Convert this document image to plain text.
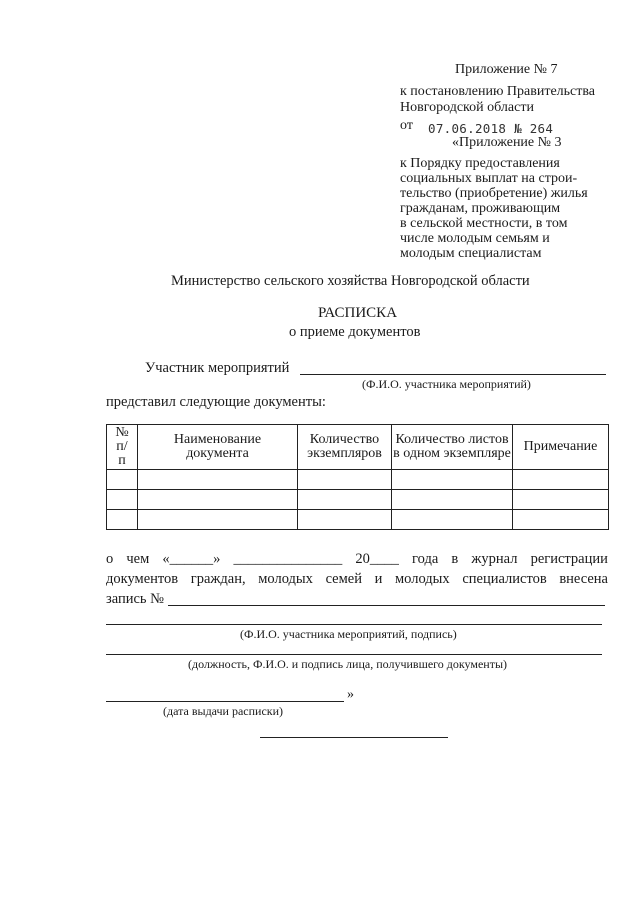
Приложение № 7
к постановлению Правительства
Новгородской области
от 07.06.2018 № 264
«Приложение № 3
к Порядку предоставления
социальных выплат на строи-
тельство (приобретение) жилья
гражданам, проживающим
в сельской местности, в том
числе молодым семьям и
молодым специалистам
Министерство сельского хозяйства Новгородской области
РАСПИСКА
о приеме документов
Участник мероприятий
(Ф.И.О. участника мероприятий)
представил следующие документы:
№ п/п	Наименование документа	Количество экземпляров	Количество листов в одном экземпляре	Примечание

о чем «______» _______________ 20____ года в журнал регистрации
документов граждан, молодых семей и молодых специалистов внесена
запись №
(Ф.И.О. участника мероприятий, подпись)
(должность, Ф.И.О. и подпись лица, получившего документы)
»
(дата выдачи расписки)
